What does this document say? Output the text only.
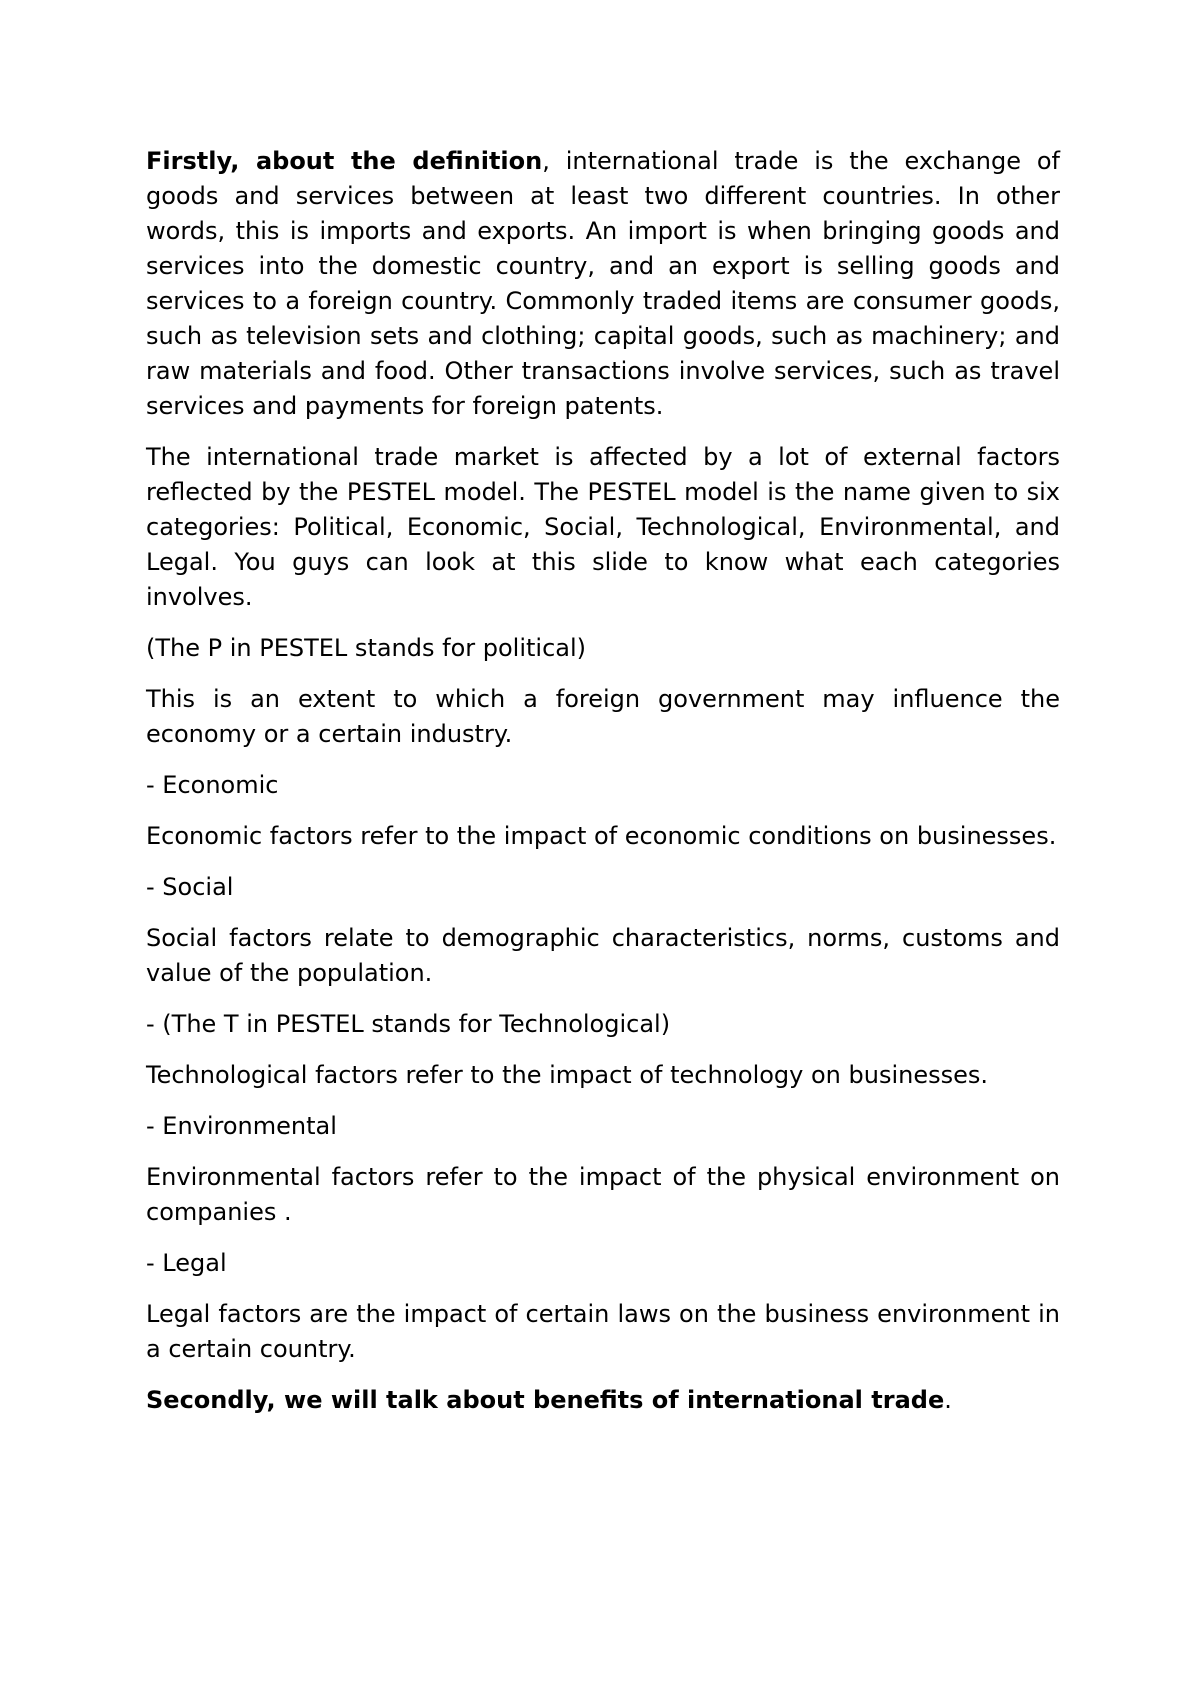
Firstly, about the definition, international trade is the exchange of goods and services between at least two different countries. In other words, this is imports and exports. An import is when bringing goods and services into the domestic country, and an export is selling goods and services to a foreign country. Commonly traded items are consumer goods, such as television sets and clothing; capital goods, such as machinery; and raw materials and food. Other transactions involve services, such as travel services and payments for foreign patents.

The international trade market is affected by a lot of external factors reflected by the PESTEL model. The PESTEL model is the name given to six categories: Political, Economic, Social, Technological, Environmental, and Legal. You guys can look at this slide to know what each categories involves.

(The P in PESTEL stands for political)

This is an extent to which a foreign government may influence the economy or a certain industry.

- Economic

Economic factors refer to the impact of economic conditions on businesses.

- Social

Social factors relate to demographic characteristics, norms, customs and value of the population.

- (The T in PESTEL stands for Technological)

Technological factors refer to the impact of technology on businesses.

- Environmental

Environmental factors refer to the impact of the physical environment on companies .

- Legal

Legal factors are the impact of certain laws on the business environment in a certain country.

Secondly, we will talk about benefits of international trade.
